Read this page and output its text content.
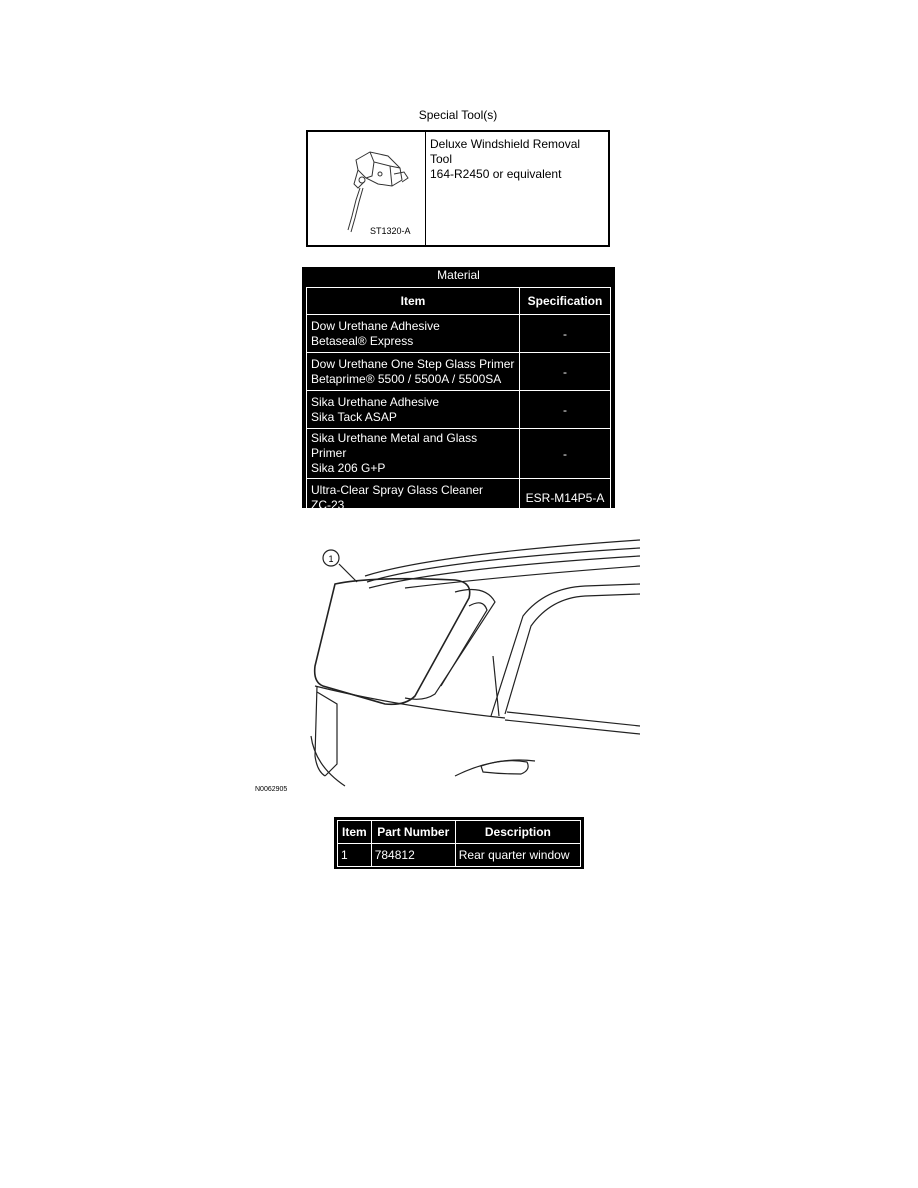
Special Tool(s)
ST1320-A
Deluxe Windshield Removal Tool
164-R2450 or equivalent
Material
Item	Specification

Dow Urethane Adhesive
Betaseal® Express	-

Dow Urethane One Step Glass Primer
Betaprime® 5500 / 5500A / 5500SA	-

Sika Urethane Adhesive
Sika Tack ASAP	-

Sika Urethane Metal and Glass Primer
Sika 206 G+P	-

Ultra-Clear Spray Glass Cleaner
ZC-23	ESR-M14P5-A
1
N0062905
Item	Part Number	Description
1	784812	Rear quarter window
